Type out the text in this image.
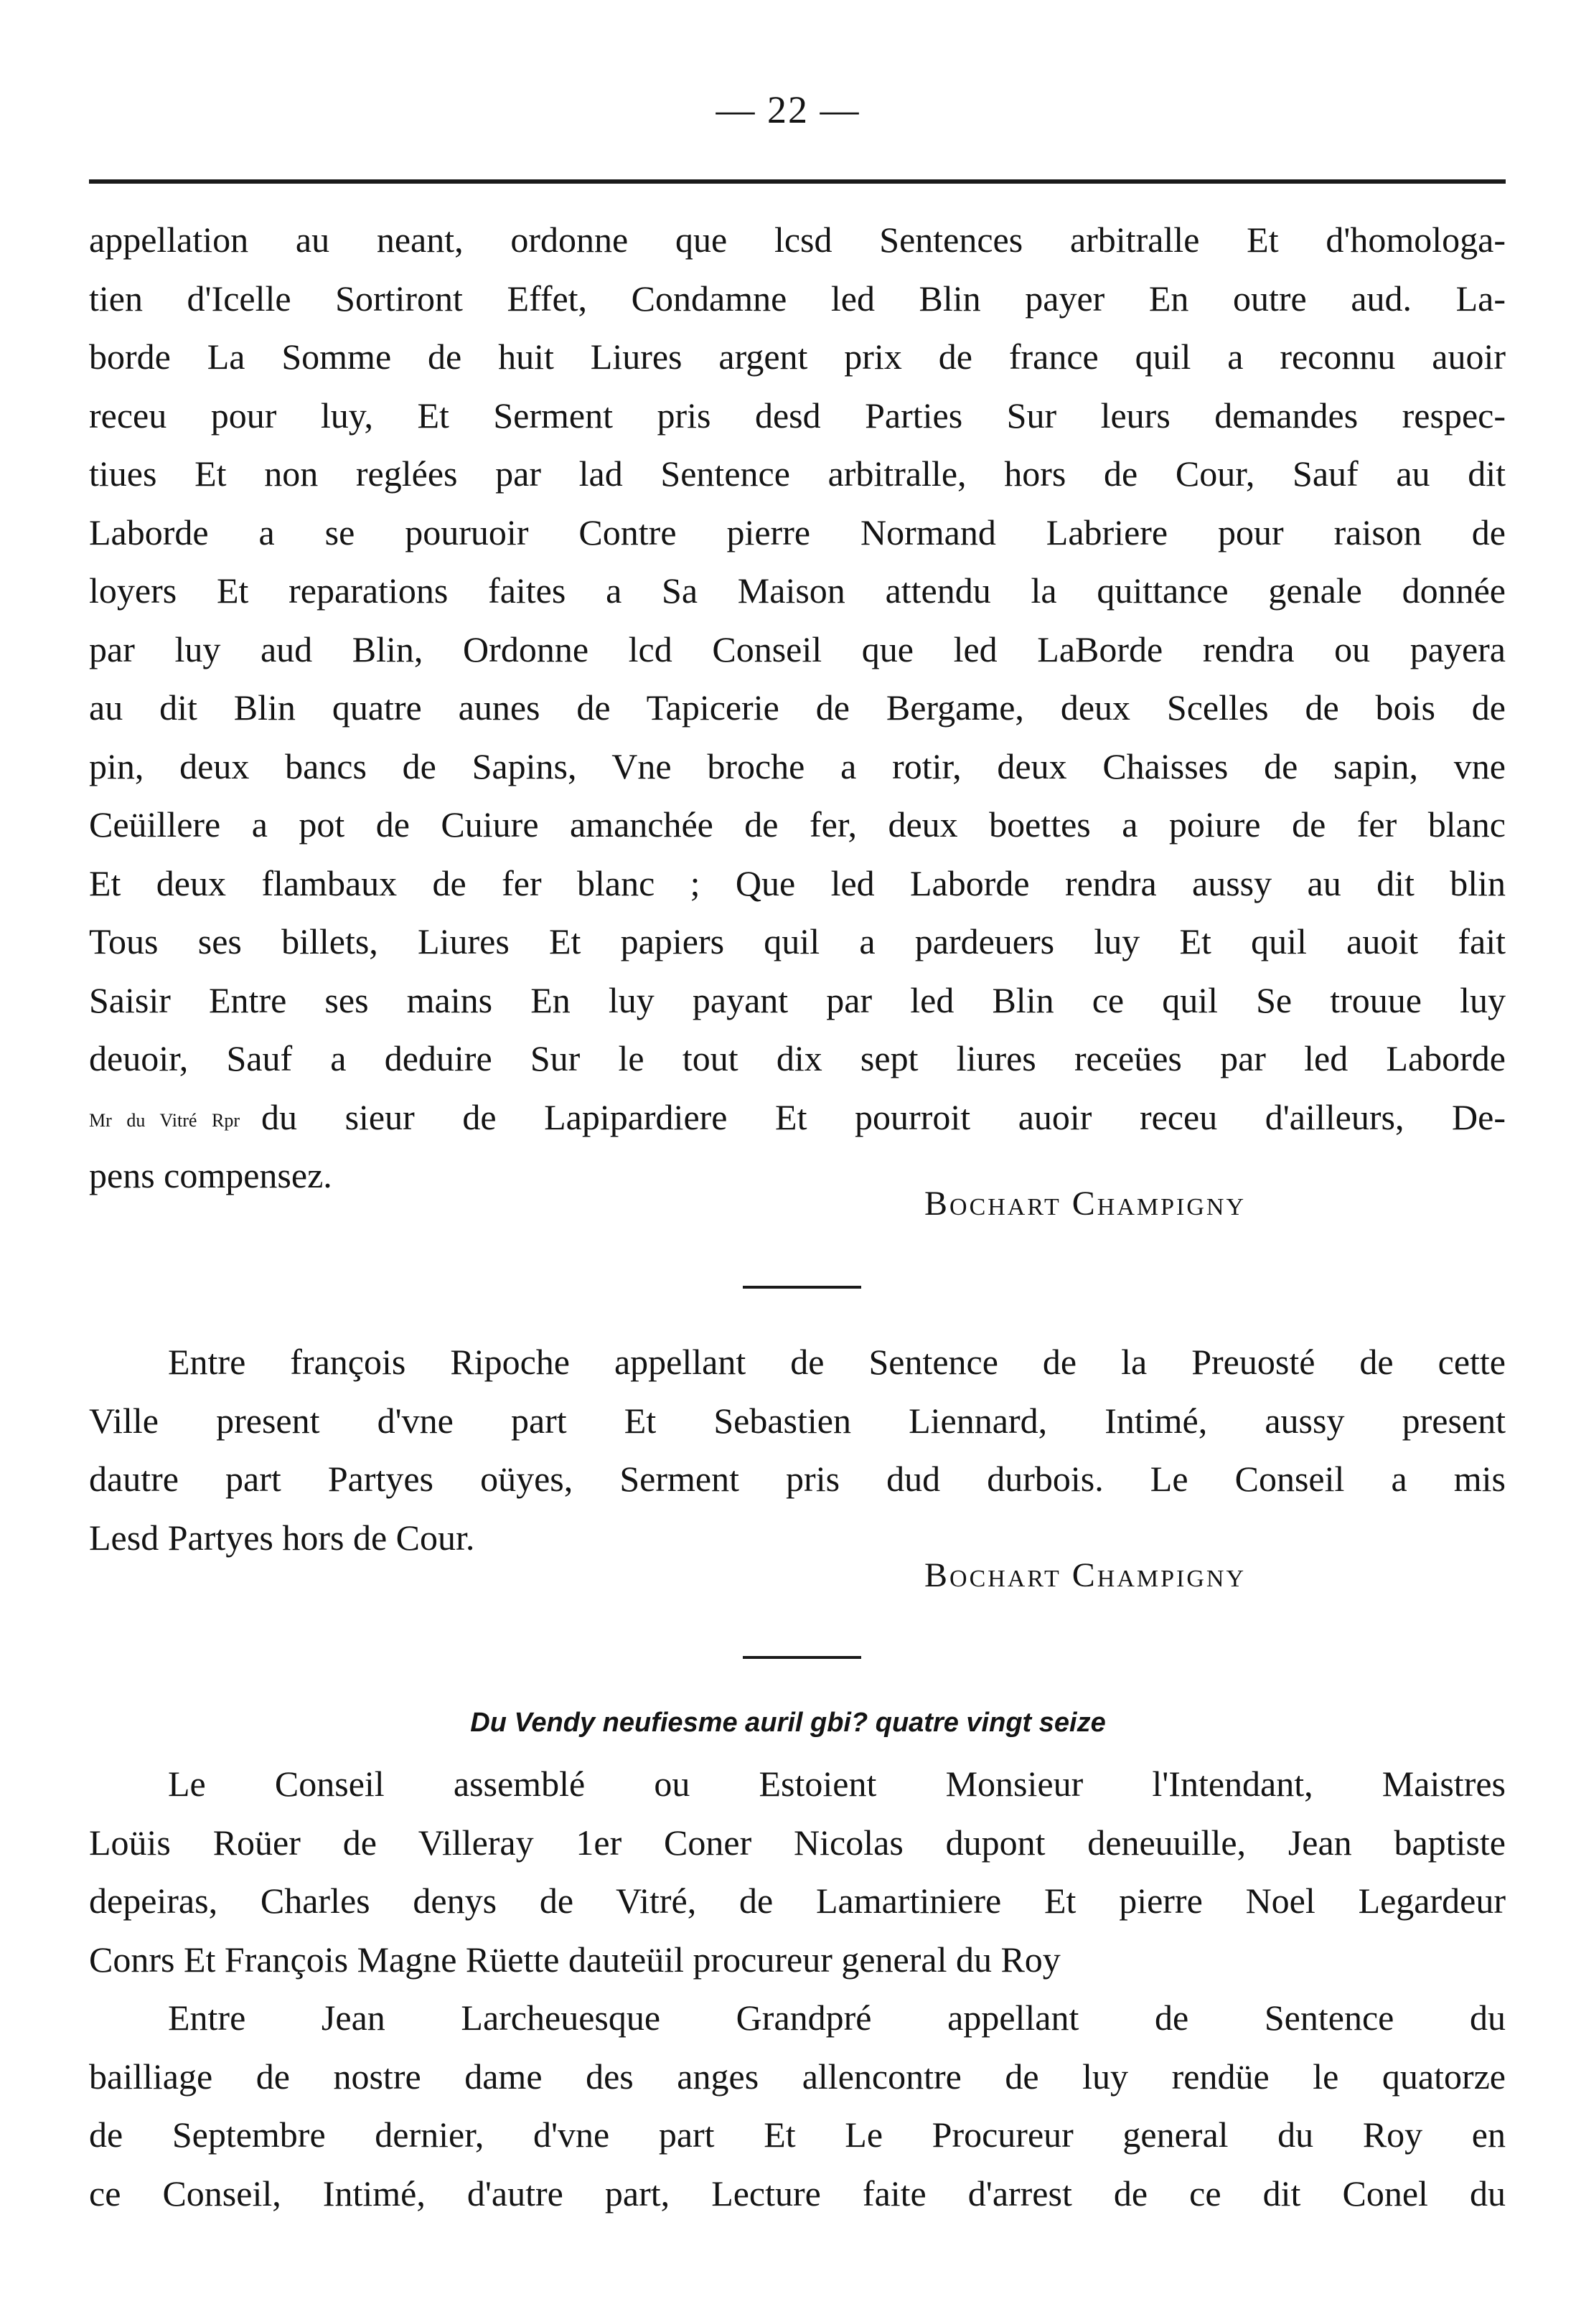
— 22 —
appellation au neant, ordonne que lcsd Sentences arbitralle Et d'homologa-
tien d'Icelle Sortiront Effet, Condamne led Blin payer En outre aud. La-
borde La Somme de huit Liures argent prix de france quil a reconnu auoir
receu pour luy, Et Serment pris desd Parties Sur leurs demandes respec-
tiues Et non reglées par lad Sentence arbitralle, hors de Cour, Sauf au dit
Laborde a se pouruoir Contre pierre Normand Labriere pour raison de
loyers Et reparations faites a Sa Maison attendu la quittance genale donnée
par luy aud Blin, Ordonne lcd Conseil que led LaBorde rendra ou payera
au dit Blin quatre aunes de Tapicerie de Bergame, deux Scelles de bois de
pin, deux bancs de Sapins, Vne broche a rotir, deux Chaisses de sapin, vne
Ceüillere a pot de Cuiure amanchée de fer, deux boettes a poiure de fer blanc
Et deux flambaux de fer blanc ; Que led Laborde rendra aussy au dit blin
Tous ses billets, Liures Et papiers quil a pardeuers luy Et quil auoit fait
Saisir Entre ses mains En luy payant par led Blin ce quil Se trouue luy
deuoir, Sauf a deduire Sur le tout dix sept liures receües par led Laborde
Mr du Vitré Rpr du sieur de Lapipardiere Et pourroit auoir receu d'ailleurs, De-
pens compensez.
Bochart Champigny
Entre françois Ripoche appellant de Sentence de la Preuosté de cette
Ville present d'vne part Et Sebastien Liennard, Intimé, aussy present
dautre part Partyes oüyes, Serment pris dud durbois. Le Conseil a mis
Lesd Partyes hors de Cour.
Bochart Champigny
Du Vendy neufiesme auril gbi? quatre vingt seize
Le Conseil assemblé ou Estoient Monsieur l'Intendant, Maistres
Loüis Roüer de Villeray 1er Coner Nicolas dupont deneuuille, Jean baptiste
depeiras, Charles denys de Vitré, de Lamartiniere Et pierre Noel Legardeur
Conrs Et François Magne Rüette dauteüil procureur general du Roy
Entre Jean Larcheuesque Grandpré appellant de Sentence du
bailliage de nostre dame des anges allencontre de luy rendüe le quatorze
de Septembre dernier, d'vne part Et Le Procureur general du Roy en
ce Conseil, Intimé, d'autre part, Lecture faite d'arrest de ce dit Conel du
